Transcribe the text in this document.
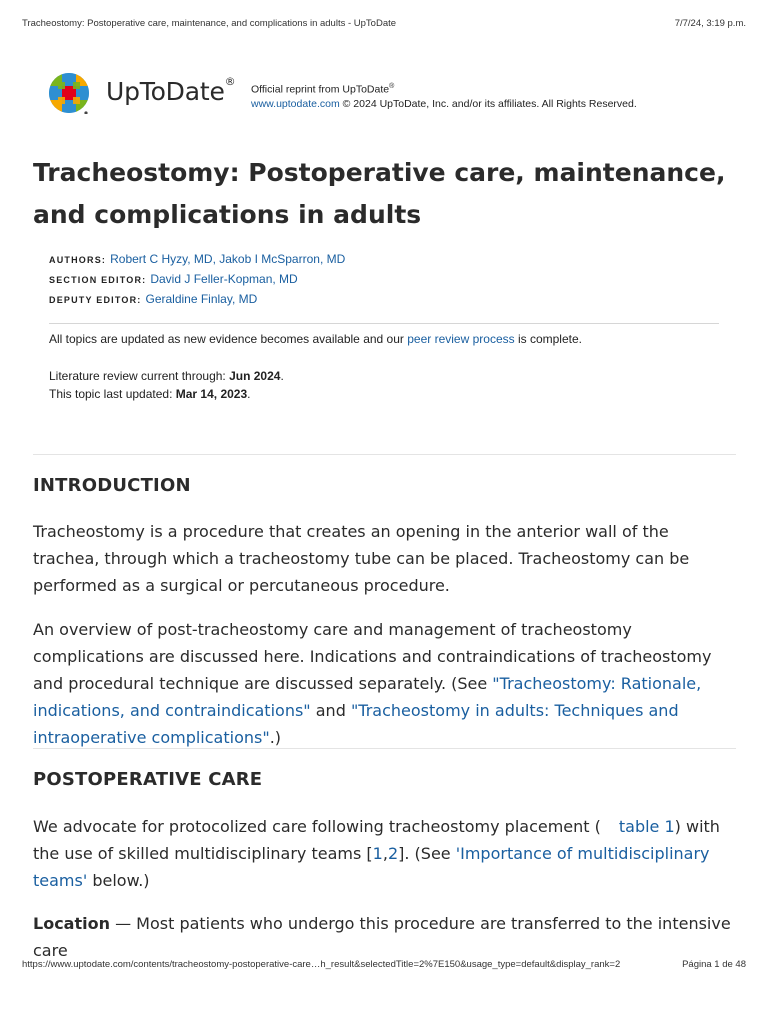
Tracheostomy: Postoperative care, maintenance, and complications in adults - UpToDate	7/7/24, 3:19 p.m.
UpToDate®
Official reprint from UpToDate®
www.uptodate.com © 2024 UpToDate, Inc. and/or its affiliates. All Rights Reserved.
Tracheostomy: Postoperative care, maintenance, and complications in adults
AUTHORS: Robert C Hyzy, MD, Jakob I McSparron, MD
SECTION EDITOR: David J Feller-Kopman, MD
DEPUTY EDITOR: Geraldine Finlay, MD
All topics are updated as new evidence becomes available and our peer review process is complete.
Literature review current through: Jun 2024.
This topic last updated: Mar 14, 2023.
INTRODUCTION

Tracheostomy is a procedure that creates an opening in the anterior wall of the trachea, through which a tracheostomy tube can be placed. Tracheostomy can be performed as a surgical or percutaneous procedure.

An overview of post-tracheostomy care and management of tracheostomy complications are discussed here. Indications and contraindications of tracheostomy and procedural technique are discussed separately. (See "Tracheostomy: Rationale, indications, and contraindications" and "Tracheostomy in adults: Techniques and intraoperative complications".)

POSTOPERATIVE CARE

We advocate for protocolized care following tracheostomy placement ( table 1) with the use of skilled multidisciplinary teams [1,2]. (See 'Importance of multidisciplinary teams' below.)

Location — Most patients who undergo this procedure are transferred to the intensive care

https://www.uptodate.com/contents/tracheostomy-postoperative-care…h_result&selectedTitle=2%7E150&usage_type=default&display_rank=2	Página 1 de 48
